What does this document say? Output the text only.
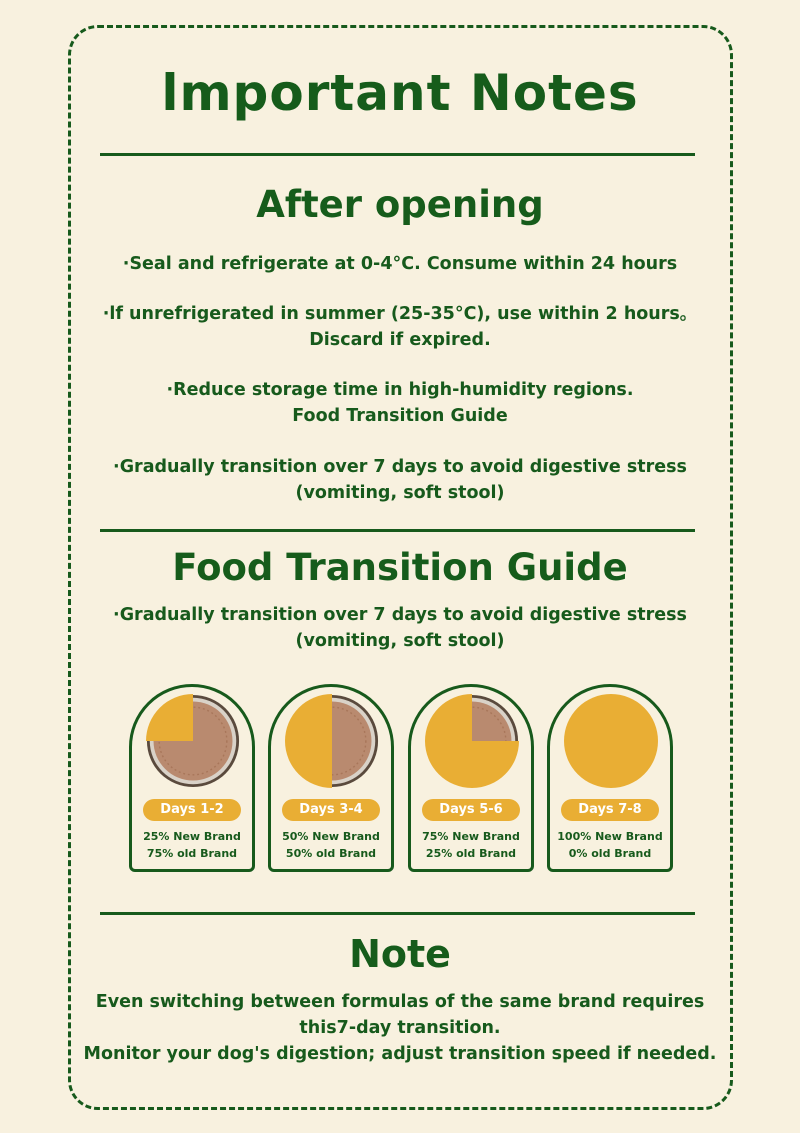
lmportant Notes
After opening
·Seal and refrigerate at 0-4°C. Consume within 24 hours
·lf unrefrigerated in summer (25-35°C), use within 2 hours。
Discard if expired.
·Reduce storage time in high-humidity regions.
Food Transition Guide
·Gradually transition over 7 days to avoid digestive stress
(vomiting, soft stool)
Food Transition Guide
·Gradually transition over 7 days to avoid digestive stress
(vomiting, soft stool)
Days 1-2
25% New Brand
75% old Brand
Days 3-4
50% New Brand
50% old Brand
Days 5-6
75% New Brand
25% old Brand
Days 7-8
100% New Brand
0% old Brand
Note
Even switching between formulas of the same brand requires
this7-day transition.
Monitor your dog's digestion; adjust transition speed if needed.
